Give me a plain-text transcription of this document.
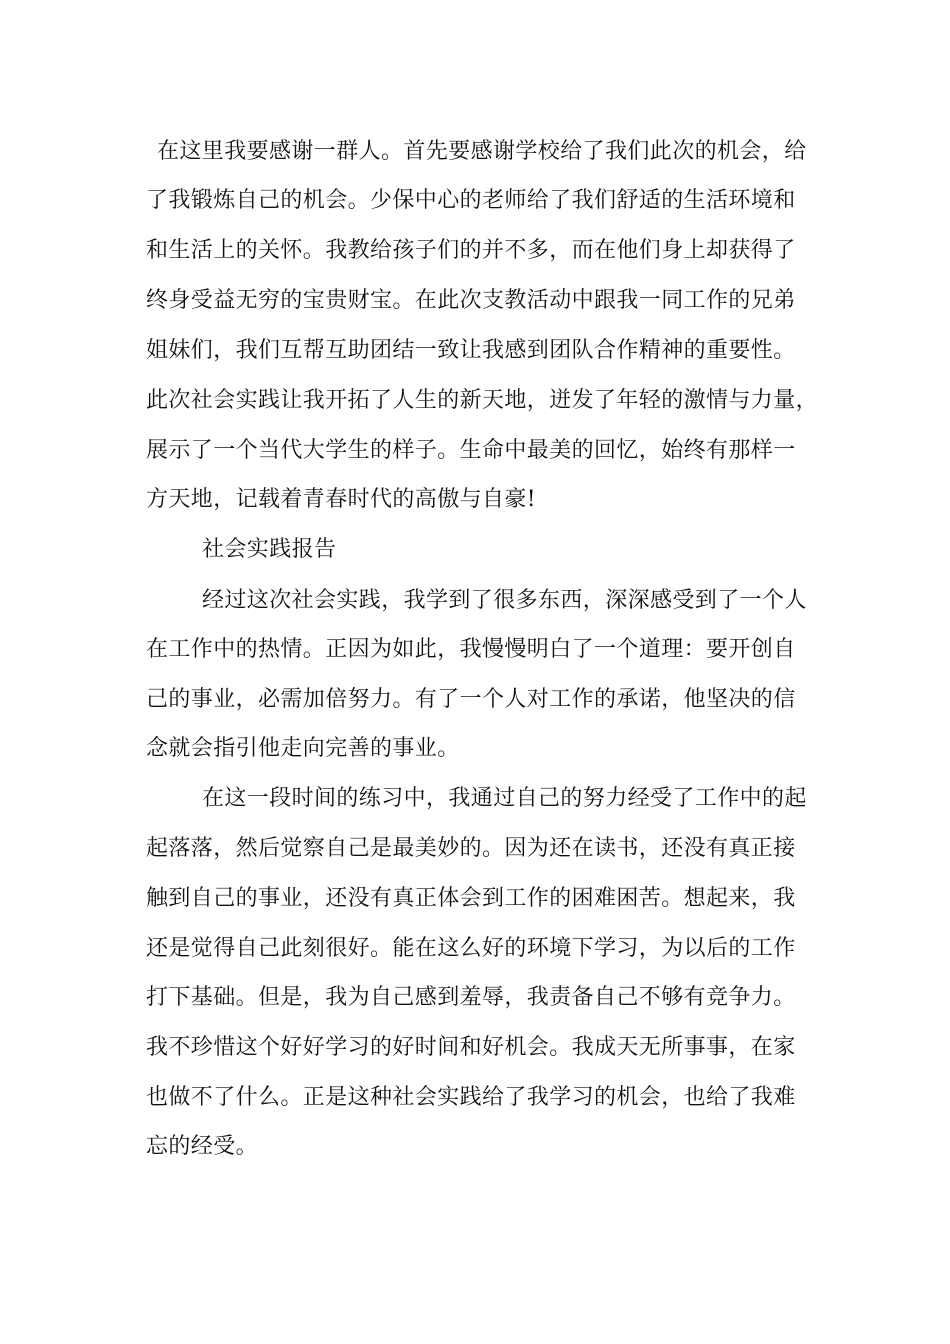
在这里我要感谢一群人。首先要感谢学校给了我们此次的机会，给
了我锻炼自己的机会。少保中心的老师给了我们舒适的生活环境和
和生活上的关怀。我教给孩子们的并不多，而在他们身上却获得了
终身受益无穷的宝贵财宝。在此次支教活动中跟我一同工作的兄弟
姐妹们，我们互帮互助团结一致让我感到团队合作精神的重要性。
此次社会实践让我开拓了人生的新天地，迸发了年轻的激情与力量，
展示了一个当代大学生的样子。生命中最美的回忆，始终有那样一
方天地，记载着青春时代的高傲与自豪!
社会实践报告
经过这次社会实践，我学到了很多东西，深深感受到了一个人
在工作中的热情。正因为如此，我慢慢明白了一个道理：要开创自
己的事业，必需加倍努力。有了一个人对工作的承诺，他坚决的信
念就会指引他走向完善的事业。
在这一段时间的练习中，我通过自己的努力经受了工作中的起
起落落，然后觉察自己是最美妙的。因为还在读书，还没有真正接
触到自己的事业，还没有真正体会到工作的困难困苦。想起来，我
还是觉得自己此刻很好。能在这么好的环境下学习，为以后的工作
打下基础。但是，我为自己感到羞辱，我责备自己不够有竞争力。
我不珍惜这个好好学习的好时间和好机会。我成天无所事事，在家
也做不了什么。正是这种社会实践给了我学习的机会，也给了我难
忘的经受。
